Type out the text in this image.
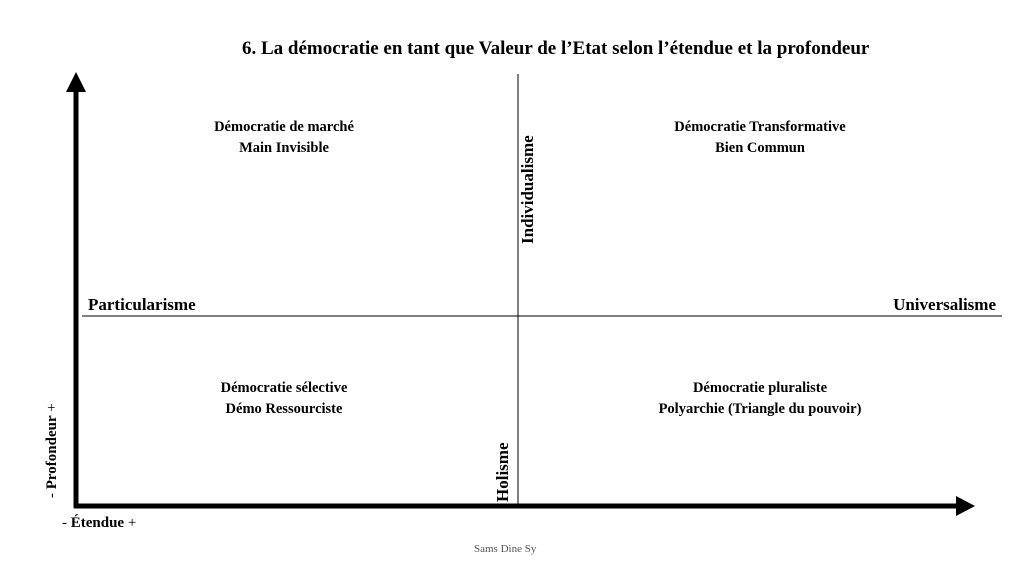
6. La démocratie en tant que Valeur de l’Etat selon l’étendue et la profondeur
Démocratie de marché
Main Invisible
Démocratie Transformative
Bien Commun
Démocratie sélective
Démo Ressourciste
Démocratie pluraliste
Polyarchie (Triangle du pouvoir)
Particularisme	Universalisme
Individualisme
Holisme
- Étendue +
- Profondeur +
Sams Dine Sy
